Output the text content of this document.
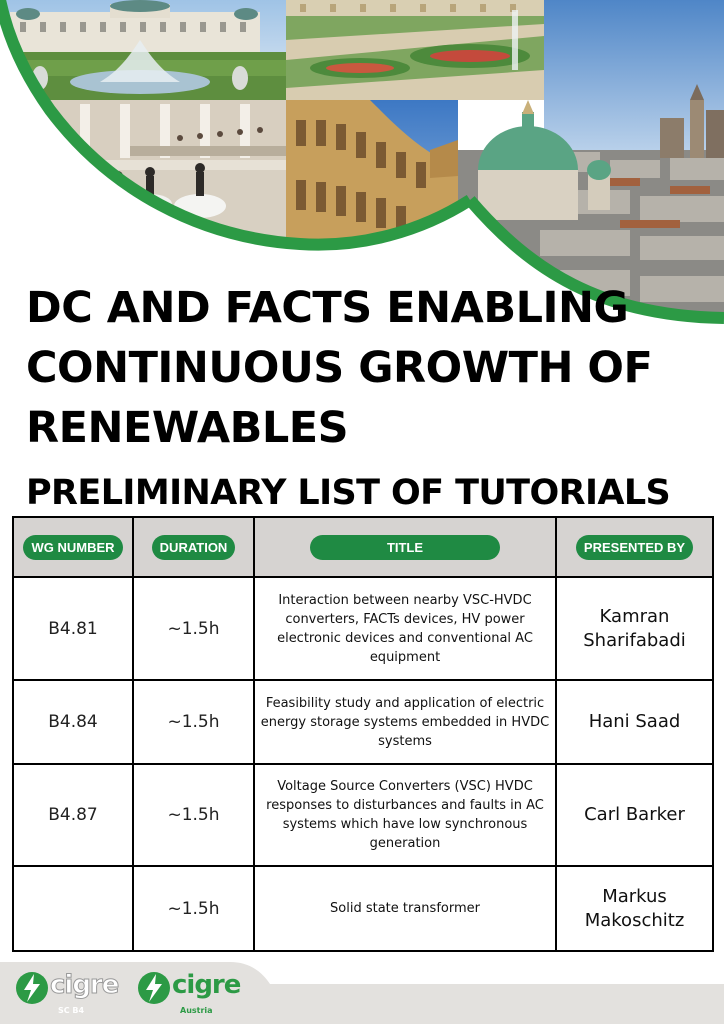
DC AND FACTS ENABLING
CONTINUOUS GROWTH OF
RENEWABLES
PRELIMINARY LIST OF TUTORIALS
WG NUMBER	DURATION	TITLE	PRESENTED BY
B4.81	~1.5h	Interaction between nearby VSC-HVDC converters, FACTs devices, HV power electronic devices and conventional AC equipment	Kamran Sharifabadi
B4.84	~1.5h	Feasibility study and application of electric energy storage systems embedded in HVDC systems	Hani Saad
B4.87	~1.5h	Voltage Source Converters (VSC) HVDC responses to disturbances and faults in AC systems which have low synchronous generation	Carl Barker
	~1.5h	Solid state transformer	Markus Makoschitz
cigre
SC B4
cigre
Austria
